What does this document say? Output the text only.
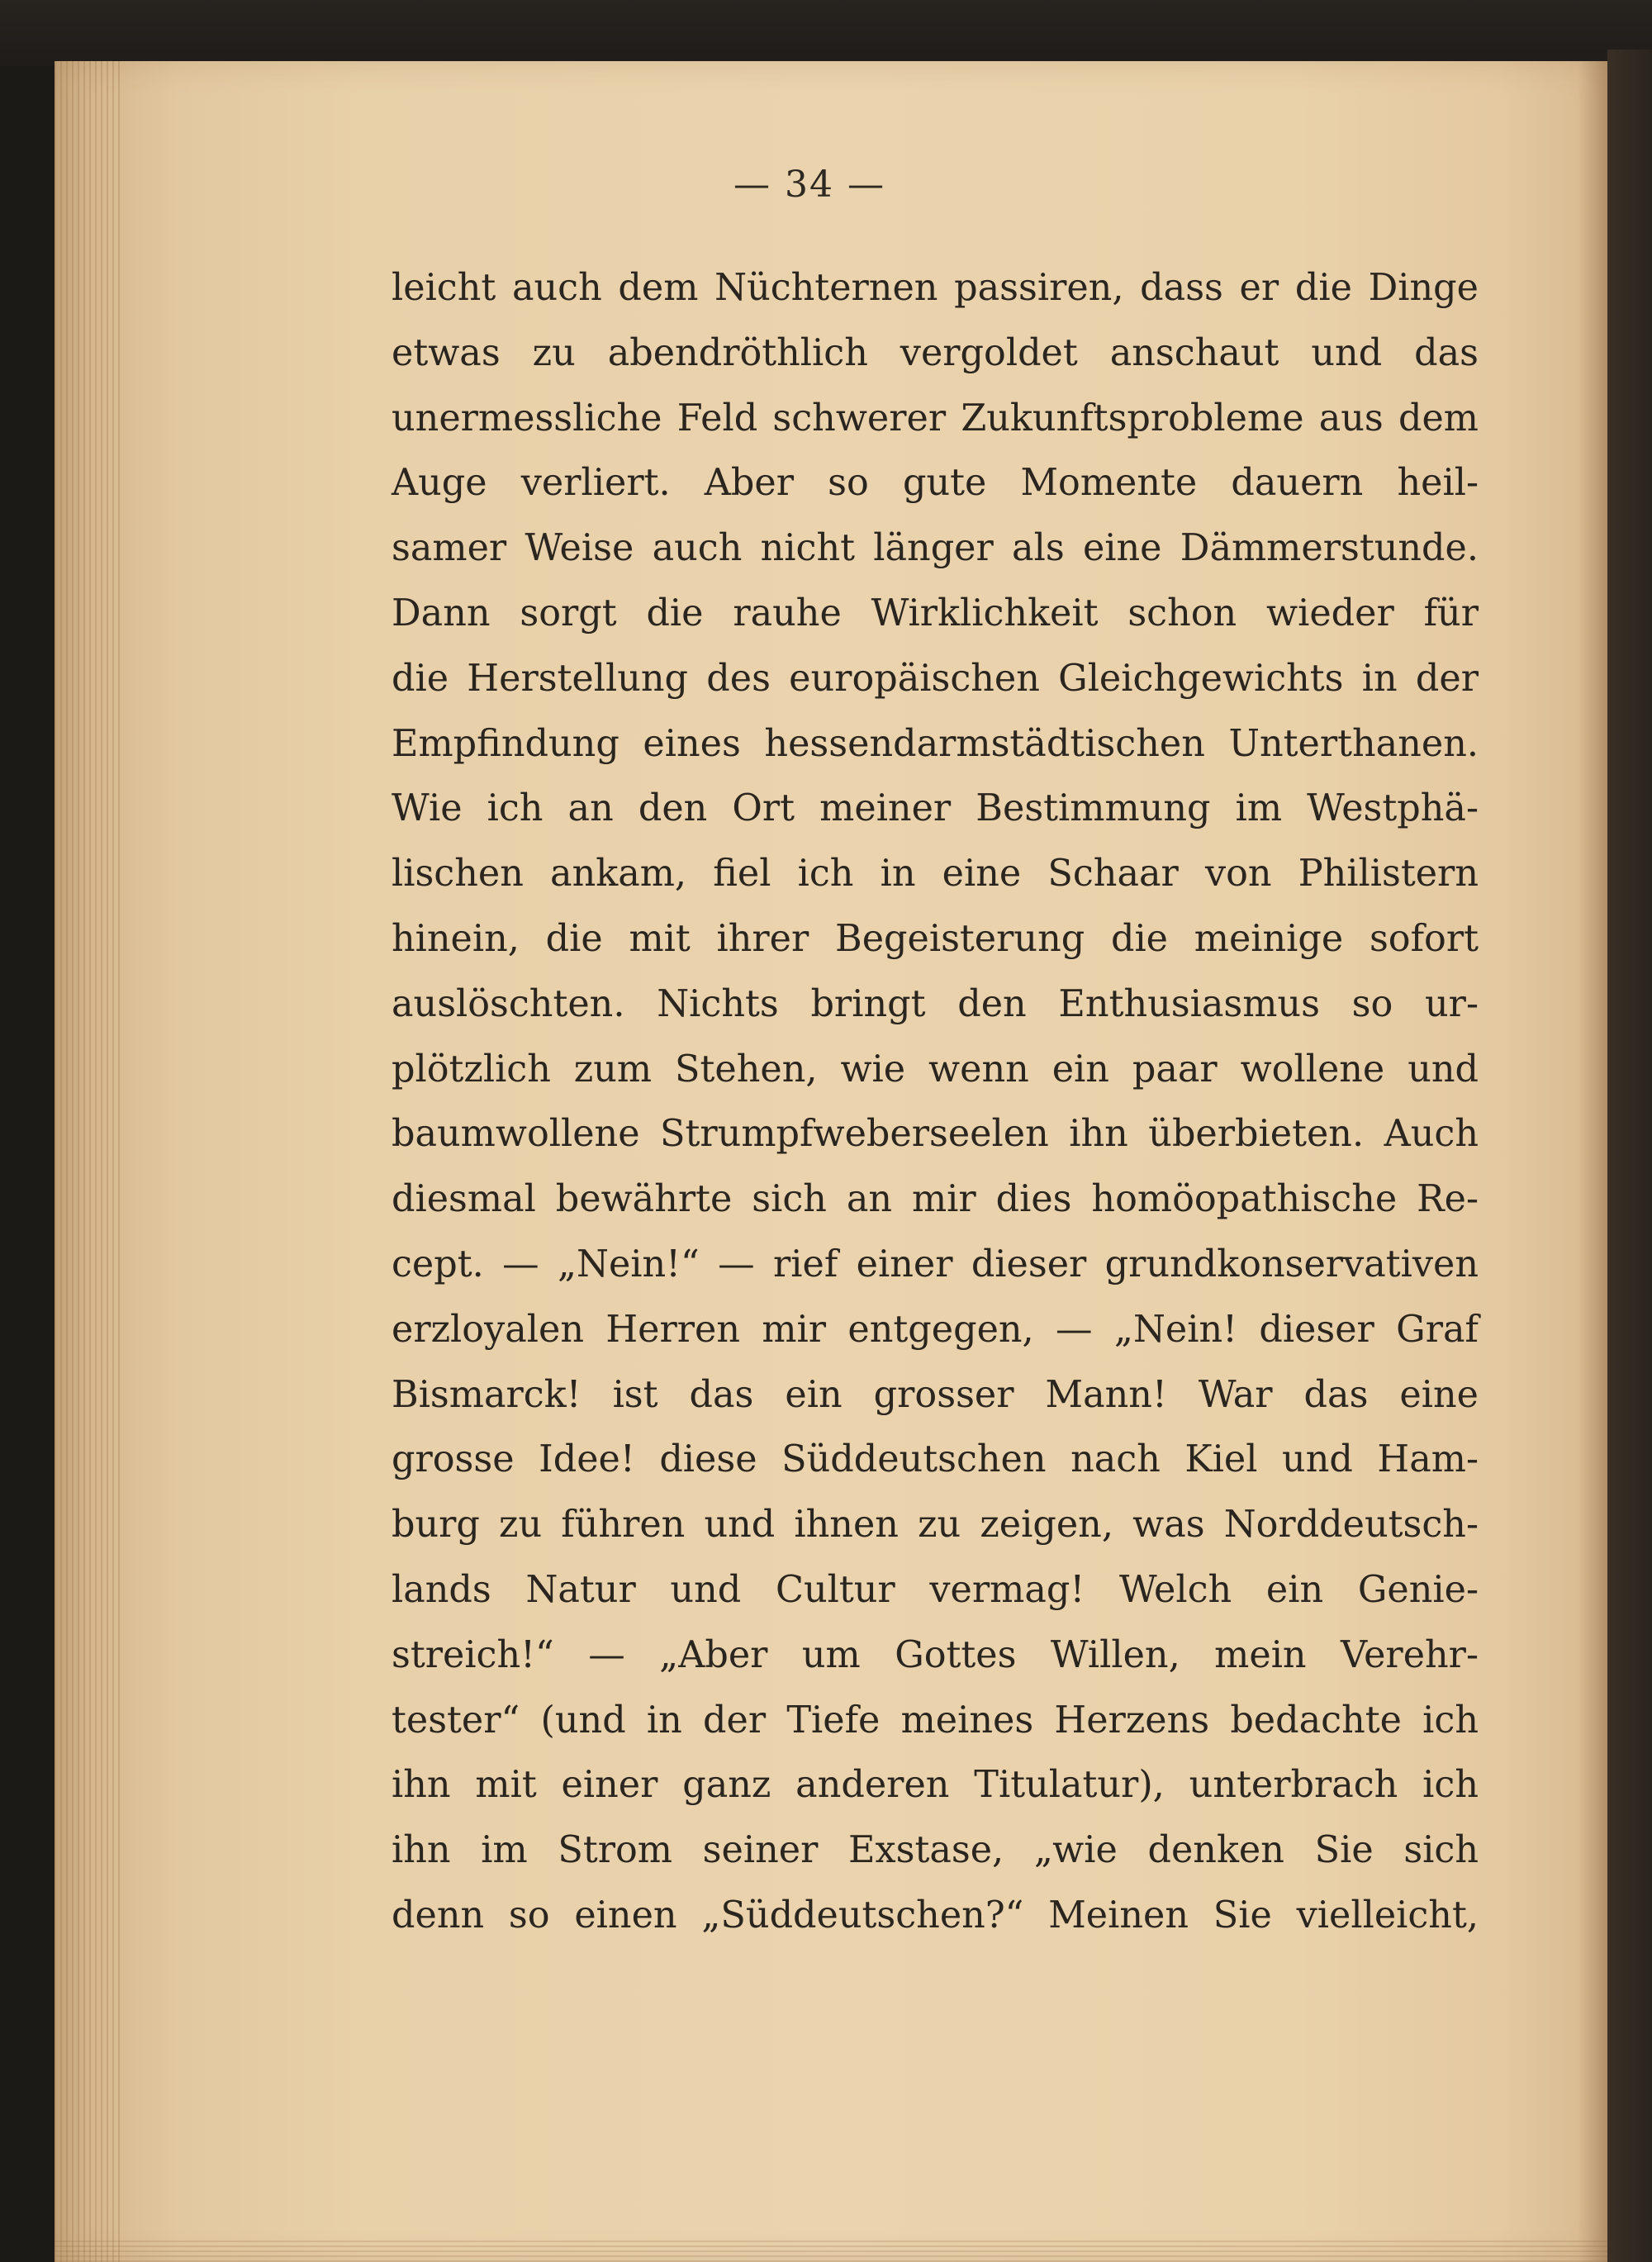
— 34 —
leicht auch dem Nüchternen passiren, dass er die Dinge
etwas zu abendröthlich vergoldet anschaut und das
unermessliche Feld schwerer Zukunftsprobleme aus dem
Auge verliert. Aber so gute Momente dauern heil-
samer Weise auch nicht länger als eine Dämmerstunde.
Dann sorgt die rauhe Wirklichkeit schon wieder für
die Herstellung des europäischen Gleichgewichts in der
Empfindung eines hessendarmstädtischen Unterthanen.
Wie ich an den Ort meiner Bestimmung im Westphä-
lischen ankam, fiel ich in eine Schaar von Philistern
hinein, die mit ihrer Begeisterung die meinige sofort
auslöschten. Nichts bringt den Enthusiasmus so ur-
plötzlich zum Stehen, wie wenn ein paar wollene und
baumwollene Strumpfweberseelen ihn überbieten. Auch
diesmal bewährte sich an mir dies homöopathische Re-
cept. — „Nein!“ — rief einer dieser grundkonservativen
erzloyalen Herren mir entgegen, — „Nein! dieser Graf
Bismarck! ist das ein grosser Mann! War das eine
grosse Idee! diese Süddeutschen nach Kiel und Ham-
burg zu führen und ihnen zu zeigen, was Norddeutsch-
lands Natur und Cultur vermag! Welch ein Genie-
streich!“ — „Aber um Gottes Willen, mein Verehr-
tester“ (und in der Tiefe meines Herzens bedachte ich
ihn mit einer ganz anderen Titulatur), unterbrach ich
ihn im Strom seiner Exstase, „wie denken Sie sich
denn so einen „Süddeutschen?“ Meinen Sie vielleicht,
